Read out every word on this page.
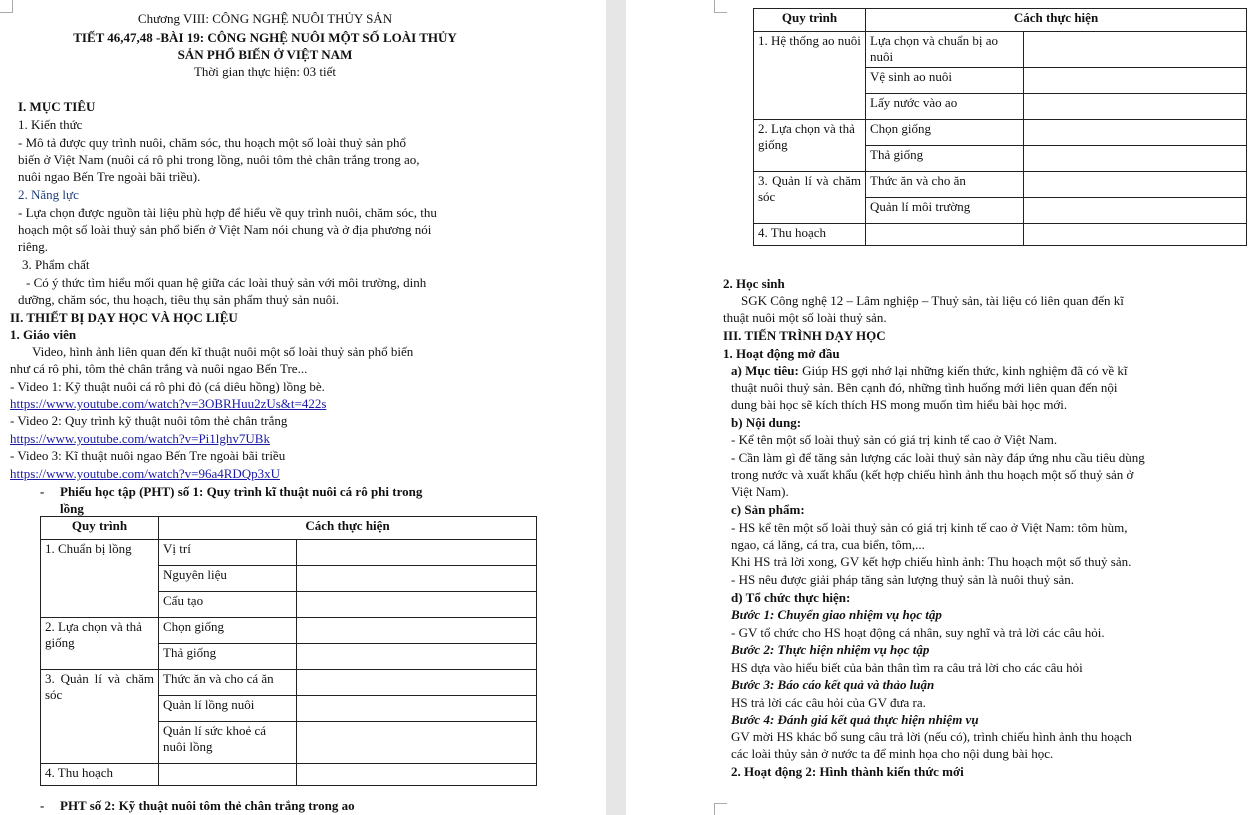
Chương VIII: CÔNG NGHỆ NUÔI THỦY SẢN
TIẾT 46,47,48 -BÀI 19: CÔNG NGHỆ NUÔI MỘT SỐ LOÀI THỦY
SẢN PHỔ BIẾN Ở VIỆT NAM
Thời gian thực hiện: 03 tiết
I. MỤC TIÊU
1. Kiến thức
- Mô tả được quy trình nuôi, chăm sóc, thu hoạch một số loài thuỷ sản phổ
biến ở Việt Nam (nuôi cá rô phi trong lồng, nuôi tôm thẻ chân trắng trong ao,
nuôi ngao Bến Tre ngoài bãi triều).
2. Năng lực
- Lựa chọn được nguồn tài liệu phù hợp để hiểu về quy trình nuôi, chăm sóc, thu
hoạch một số loài thuỷ sản phổ biến ở Việt Nam nói chung và ở địa phương nói
riêng.
3. Phẩm chất
- Có ý thức tìm hiểu mối quan hệ giữa các loài thuỷ sản với môi trường, dinh
dưỡng, chăm sóc, thu hoạch, tiêu thụ sản phẩm thuỷ sản nuôi.
II. THIẾT BỊ DẠY HỌC VÀ HỌC LIỆU
1. Giáo viên
Video, hình ảnh liên quan đến kĩ thuật nuôi một số loài thuỷ sản phổ biến
như cá rô phi, tôm thẻ chân trắng và nuôi ngao Bến Tre...
- Video 1: Kỹ thuật nuôi cá rô phi đỏ (cá diêu hồng) lồng bè.
https://www.youtube.com/watch?v=3OBRHuu2zUs&t=422s
- Video 2: Quy trình kỹ thuật nuôi tôm thẻ chân trắng
https://www.youtube.com/watch?v=Pi1lghv7UBk
- Video 3: Kĩ thuật nuôi ngao Bến Tre ngoài bãi triều
https://www.youtube.com/watch?v=96a4RDQp3xU
- Phiếu học tập (PHT) số 1: Quy trình kĩ thuật nuôi cá rô phi trong
lồng
Quy trình	Cách thực hiện	
1. Chuẩn bị lồng	Vị trí	
	Nguyên liệu	
	Cấu tạo	
2. Lựa chọn và thả giống	Chọn giống	
	Thả giống	
3. Quản lí và chăm sóc	Thức ăn và cho cá ăn	
	Quản lí lồng nuôi	
	Quản lí sức khoẻ cá nuôi lồng	
4. Thu hoạch		
- PHT số 2: Kỹ thuật nuôi tôm thẻ chân trắng trong ao
Quy trình	Cách thực hiện	
1. Hệ thống ao nuôi	Lựa chọn và chuẩn bị ao nuôi	
	Vệ sinh ao nuôi	
	Lấy nước vào ao	
2. Lựa chọn và thả giống	Chọn giống	
	Thả giống	
3. Quản lí và chăm sóc	Thức ăn và cho ăn	
	Quản lí môi trường	
4. Thu hoạch		
2. Học sinh
SGK Công nghệ 12 – Lâm nghiệp – Thuỷ sản, tài liệu có liên quan đến kĩ
thuật nuôi một số loài thuỷ sản.
III. TIẾN TRÌNH DẠY HỌC
1. Hoạt động mở đầu
a) Mục tiêu: Giúp HS gợi nhớ lại những kiến thức, kinh nghiệm đã có về kĩ
thuật nuôi thuỷ sản. Bên cạnh đó, những tình huống mới liên quan đến nội
dung bài học sẽ kích thích HS mong muốn tìm hiểu bài học mới.
b) Nội dung:
- Kể tên một số loài thuỷ sản có giá trị kinh tế cao ở Việt Nam.
- Cần làm gì để tăng sản lượng các loài thuỷ sản này đáp ứng nhu cầu tiêu dùng
trong nước và xuất khẩu (kết hợp chiếu hình ảnh thu hoạch một số thuỷ sản ở
Việt Nam).
c) Sản phẩm:
- HS kể tên một số loài thuỷ sản có giá trị kinh tế cao ở Việt Nam: tôm hùm,
ngao, cá lăng, cá tra, cua biển, tôm,...
Khi HS trả lời xong, GV kết hợp chiếu hình ảnh: Thu hoạch một số thuỷ sản.
- HS nêu được giải pháp tăng sản lượng thuỷ sản là nuôi thuỷ sản.
d) Tổ chức thực hiện:
Bước 1: Chuyển giao nhiệm vụ học tập
- GV tổ chức cho HS hoạt động cá nhân, suy nghĩ và trả lời các câu hỏi.
Bước 2: Thực hiện nhiệm vụ học tập
HS dựa vào hiểu biết của bản thân tìm ra câu trả lời cho các câu hỏi
Bước 3: Báo cáo kết quả và thảo luận
HS trả lời các câu hỏi của GV đưa ra.
Bước 4: Đánh giá kết quả thực hiện nhiệm vụ
GV mời HS khác bổ sung câu trả lời (nếu có), trình chiếu hình ảnh thu hoạch
các loài thủy sản ở nước ta để minh họa cho nội dung bài học.
2. Hoạt động 2: Hình thành kiến thức mới
